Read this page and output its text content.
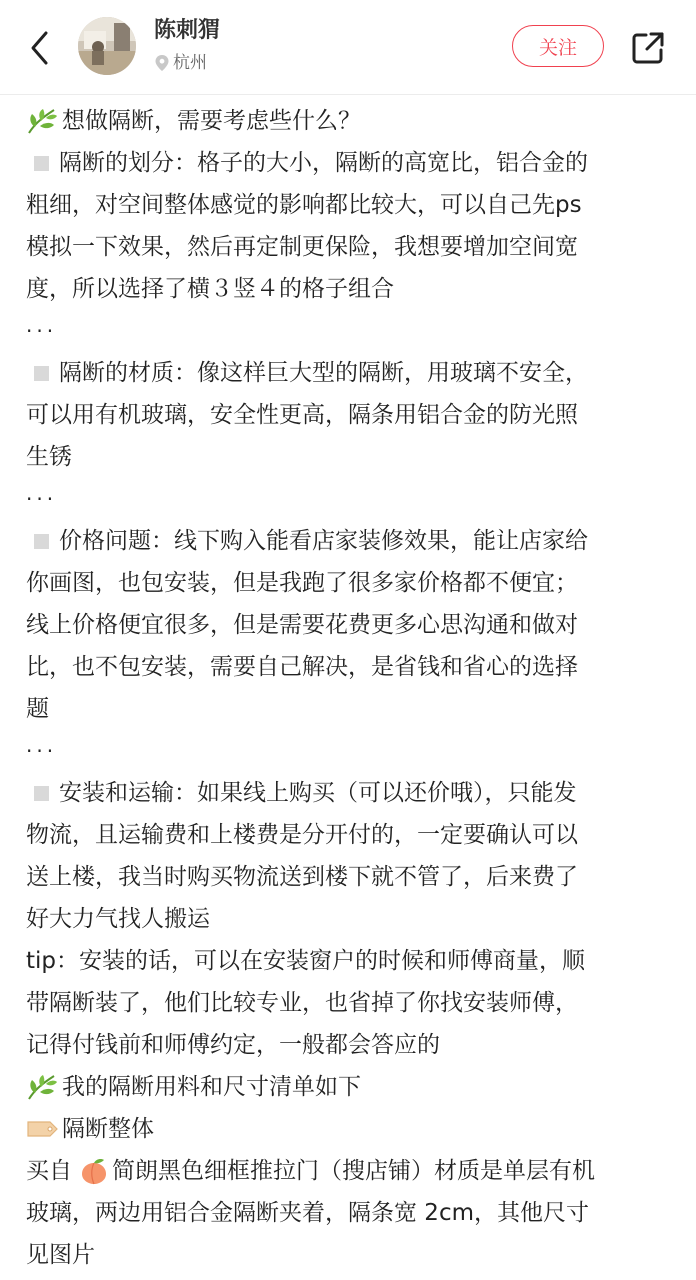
陈刺猬
杭州
关注
想做隔断，需要考虑些什么？
隔断的划分：格子的大小，隔断的高宽比，铝合金的
粗细，对空间整体感觉的影响都比较大，可以自己先ps
模拟一下效果，然后再定制更保险，我想要增加空间宽
度，所以选择了横３竖４的格子组合
···
隔断的材质：像这样巨大型的隔断，用玻璃不安全，
可以用有机玻璃，安全性更高，隔条用铝合金的防光照
生锈
···
价格问题：线下购入能看店家装修效果，能让店家给
你画图，也包安装，但是我跑了很多家价格都不便宜；
线上价格便宜很多，但是需要花费更多心思沟通和做对
比，也不包安装，需要自己解决，是省钱和省心的选择
题
···
安装和运输：如果线上购买（可以还价哦），只能发
物流，且运输费和上楼费是分开付的，一定要确认可以
送上楼，我当时购买物流送到楼下就不管了，后来费了
好大力气找人搬运
tip：安装的话，可以在安装窗户的时候和师傅商量，顺
带隔断装了，他们比较专业，也省掉了你找安装师傅，
记得付钱前和师傅约定，一般都会答应的
我的隔断用料和尺寸清单如下
隔断整体
买自 简朗黑色细框推拉门（搜店铺）材质是单层有机
玻璃，两边用铝合金隔断夹着，隔条宽 2cm，其他尺寸
见图片
